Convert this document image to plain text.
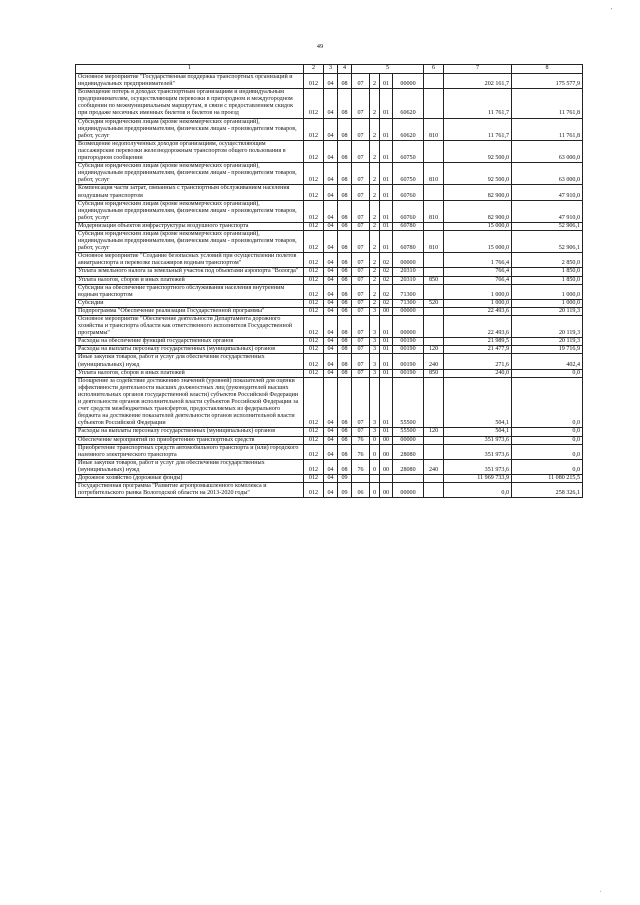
49
'
.
1	2	3	4	5				6	7	8
Основное мероприятие "Государственная поддержка транспортных организаций и индивидуальных предпринимателей"	012	04	08	07	2	01	00000		202 161,7	175 577,9
Возмещение потерь в доходах транспортным организациям и индивидуальным предпринимателям, осуществляющим перевозки в пригородном и междугородном сообщении по межмуниципальным маршрутам, в связи с предоставлением скидок при продаже месячных именных билетов и билетов на проезд	012	04	08	07	2	01	60620		11 761,7	11 761,8
Субсидии юридическим лицам (кроме некоммерческих организаций), индивидуальным предпринимателям, физическим лицам - производителям товаров, работ, услуг	012	04	08	07	2	01	60620	810	11 761,7	11 761,8
Возмещение недополученных доходов организациям, осуществляющим пассажирские перевозки железнодорожным транспортом общего пользования в пригородном сообщении	012	04	08	07	2	01	60750		92 500,0	63 000,0
Субсидии юридическим лицам (кроме некоммерческих организаций), индивидуальным предпринимателям, физическим лицам - производителям товаров, работ, услуг	012	04	08	07	2	01	60750	810	92 500,0	63 000,0
Компенсация части затрат, связанных с транспортным обслуживанием населения воздушным транспортом	012	04	08	07	2	01	60760		82 900,0	47 910,0
Субсидии юридическим лицам (кроме некоммерческих организаций), индивидуальным предпринимателям, физическим лицам - производителям товаров, работ, услуг	012	04	08	07	2	01	60760	810	82 900,0	47 910,0
Модернизация объектов инфраструктуры воздушного транспорта	012	04	08	07	2	01	60780		15 000,0	52 906,1
Субсидии юридическим лицам (кроме некоммерческих организаций), индивидуальным предпринимателям, физическим лицам - производителям товаров, работ, услуг	012	04	08	07	2	01	60780	810	15 000,0	52 906,1
Основное мероприятие "Создание безопасных условий при осуществлении полетов авиатранспорта и перевозке пассажиров водным транспортом"	012	04	08	07	2	02	00000		1 766,4	2 850,0
Уплата земельного налога за земельный участок под объектами аэропорта "Вологда"	012	04	08	07	2	02	20310		766,4	1 850,0
Уплата налогов, сборов и иных платежей	012	04	08	07	2	02	20310	850	766,4	1 850,0
Субсидии на обеспечение транспортного обслуживания населения внутренним водным транспортом	012	04	08	07	2	02	71300		1 000,0	1 000,0
Субсидии	012	04	08	07	2	02	71300	520	1 000,0	1 000,0
Подпрограмма "Обеспечение реализации Государственной программы"	012	04	08	07	3	00	00000		22 493,6	20 119,3
Основное мероприятие "Обеспечение деятельности Департамента дорожного хозяйства и транспорта области как ответственного исполнителя Государственной программы"	012	04	08	07	3	01	00000		22 493,6	20 119,3
Расходы на обеспечение функций государственных органов	012	04	08	07	3	01	00190		21 989,5	20 119,3
Расходы на выплаты персоналу государственных (муниципальных) органов	012	04	08	07	3	01	00190	120	21 477,9	19 716,9
Иные закупки товаров, работ и услуг для обеспечения государственных (муниципальных) нужд	012	04	08	07	3	01	00190	240	271,6	402,4
Уплата налогов, сборов и иных платежей	012	04	08	07	3	01	00190	850	240,0	0,0
Поощрение за содействие достижению значений (уровней) показателей для оценки эффективности деятельности высших должностных лиц (руководителей высших исполнительных органов государственной власти) субъектов Российской Федерации и деятельности органов исполнительной власти субъектов Российской Федерации за счет средств межбюджетных трансфертов, предоставляемых из федерального бюджета на достижение показателей деятельности органов исполнительной власти субъектов Российской Федерации	012	04	08	07	3	01	55500		504,1	0,0
Расходы на выплаты персоналу государственных (муниципальных) органов	012	04	08	07	3	01	55500	120	504,1	0,0
Обеспечение мероприятий по приобретению транспортных средств	012	04	08	76	0	00	00000		351 973,6	0,0
Приобретение транспортных средств автомобильного транспорта и (или) городского наземного электрического транспорта	012	04	08	76	0	00	28080		351 973,6	0,0
Иные закупки товаров, работ и услуг для обеспечения государственных (муниципальных) нужд	012	04	08	76	0	00	28080	240	351 973,6	0,0
Дорожное хозяйство (дорожные фонды)	012	04	09						11 969 733,9	11 080 215,5
Государственная программа "Развитие агропромышленного комплекса и потребительского рынка Вологодской области на 2013-2020 годы"	012	04	09	06	0	00	00000		0,0	258 326,1
